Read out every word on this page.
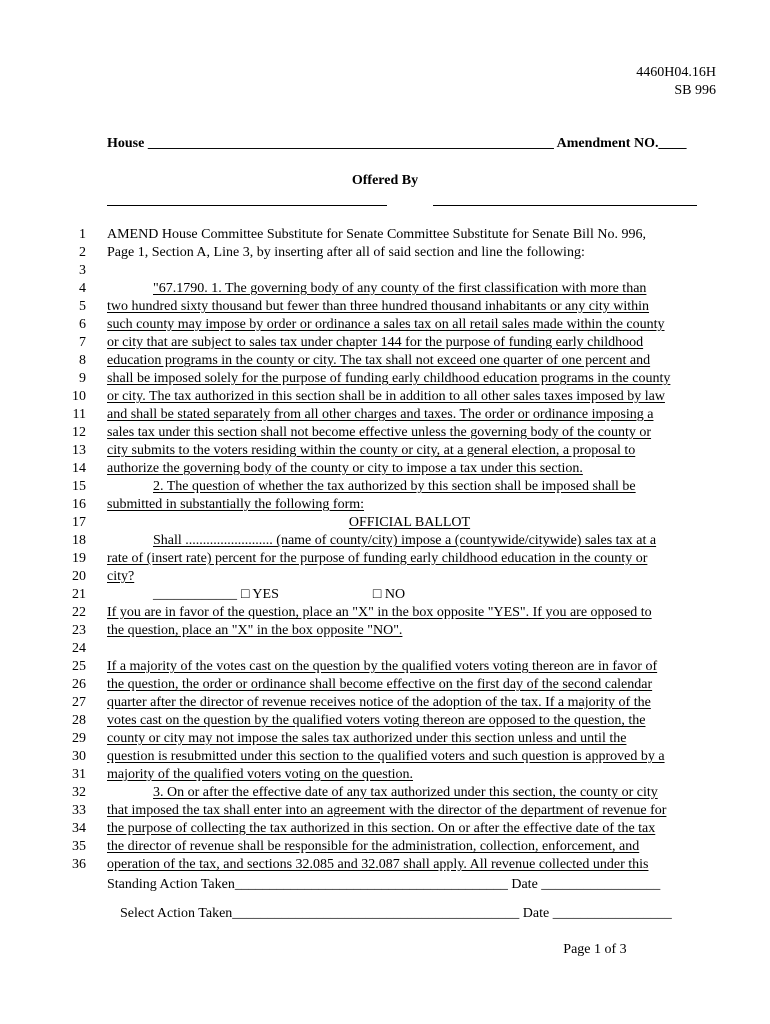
4460H04.16H
SB 996
House __________________________________________________________ Amendment NO.____
Offered By
1 AMEND House Committee Substitute for Senate Committee Substitute for Senate Bill No. 996,
2 Page 1, Section A, Line 3, by inserting after all of said section and line the following:
3
4	"67.1790. 1. The governing body of any county of the first classification with more than
5 two hundred sixty thousand but fewer than three hundred thousand inhabitants or any city within
6 such county may impose by order or ordinance a sales tax on all retail sales made within the county
7 or city that are subject to sales tax under chapter 144 for the purpose of funding early childhood
8 education programs in the county or city. The tax shall not exceed one quarter of one percent and
9 shall be imposed solely for the purpose of funding early childhood education programs in the county
10 or city. The tax authorized in this section shall be in addition to all other sales taxes imposed by law
11 and shall be stated separately from all other charges and taxes. The order or ordinance imposing a
12 sales tax under this section shall not become effective unless the governing body of the county or
13 city submits to the voters residing within the county or city, at a general election, a proposal to
14 authorize the governing body of the county or city to impose a tax under this section.
15	2. The question of whether the tax authorized by this section shall be imposed shall be
16 submitted in substantially the following form:
17	OFFICIAL BALLOT
18	Shall ......................... (name of county/city) impose a (countywide/citywide) sales tax at a
19 rate of (insert rate) percent for the purpose of funding early childhood education in the county or
20 city?
21	____________ □ YES	□ NO
22 If you are in favor of the question, place an "X" in the box opposite "YES". If you are opposed to
23 the question, place an "X" in the box opposite "NO".
24
25 If a majority of the votes cast on the question by the qualified voters voting thereon are in favor of
26 the question, the order or ordinance shall become effective on the first day of the second calendar
27 quarter after the director of revenue receives notice of the adoption of the tax. If a majority of the
28 votes cast on the question by the qualified voters voting thereon are opposed to the question, the
29 county or city may not impose the sales tax authorized under this section unless and until the
30 question is resubmitted under this section to the qualified voters and such question is approved by a
31 majority of the qualified voters voting on the question.
32	3. On or after the effective date of any tax authorized under this section, the county or city
33 that imposed the tax shall enter into an agreement with the director of the department of revenue for
34 the purpose of collecting the tax authorized in this section. On or after the effective date of the tax
35 the director of revenue shall be responsible for the administration, collection, enforcement, and
36 operation of the tax, and sections 32.085 and 32.087 shall apply. All revenue collected under this
Standing Action Taken_______________________________________ Date _________________
Select Action Taken_________________________________________ Date _________________
Page 1 of 3
